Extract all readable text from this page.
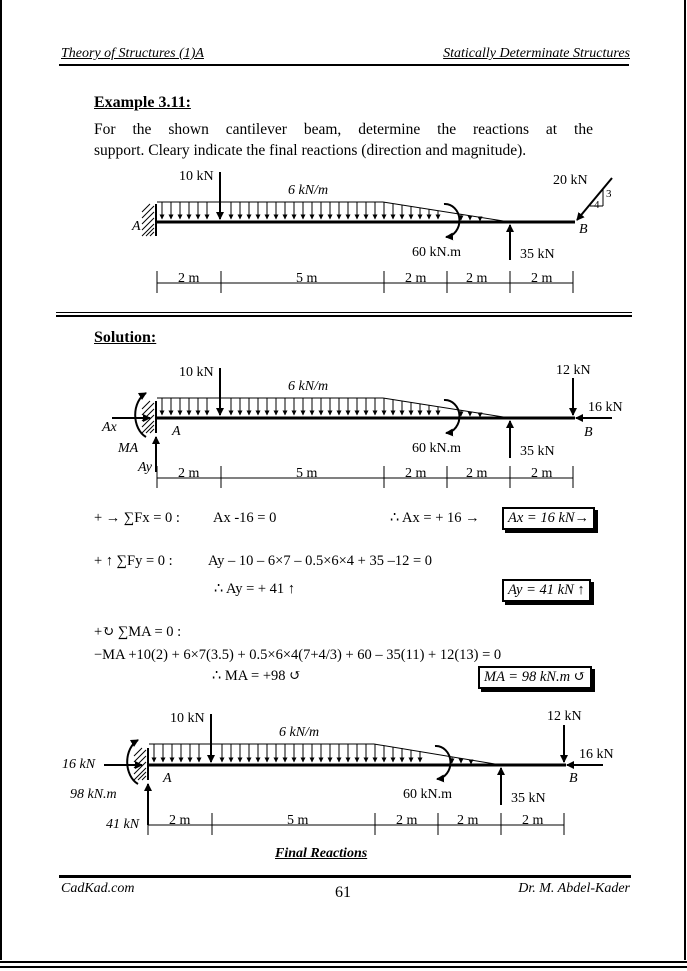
Theory of Structures (1)A	Statically Determinate Structures
Example 3.11:
For the shown cantilever beam, determine the reactions at the
support. Cleary indicate the final reactions (direction and magnitude).
A
10 kN
6 kN/m
60 kN.m	35 kN
20 kN
3
4
B
2 m	5 m	2 m	2 m	2 m
Solution:
Ax
MA
Ay
A
10 kN
6 kN/m
60 kN.m	35 kN
12 kN
16 kN
B
2 m	5 m	2 m	2 m	2 m
+ → ∑Fx = 0 : Ax -16 = 0	∴ Ax = + 16 →	Ax = 16 kN→
+ ↑ ∑Fy = 0 : Ay – 10 – 6×7 – 0.5×6×4 + 35 –12 = 0
∴ Ay = + 41 ↑	Ay = 41 kN ↑
+↻ ∑MA = 0 :
−MA +10(2) + 6×7(3.5) + 0.5×6×4(7+4/3) + 60 – 35(11) + 12(13) = 0
∴ MA = +98 ↺	MA = 98 kN.m ↺
16 kN
98 kN.m
41 kN
A
10 kN
6 kN/m
60 kN.m	35 kN
12 kN
16 kN
B
2 m	5 m	2 m	2 m	2 m
Final Reactions
CadKad.com	61	Dr. M. Abdel-Kader
